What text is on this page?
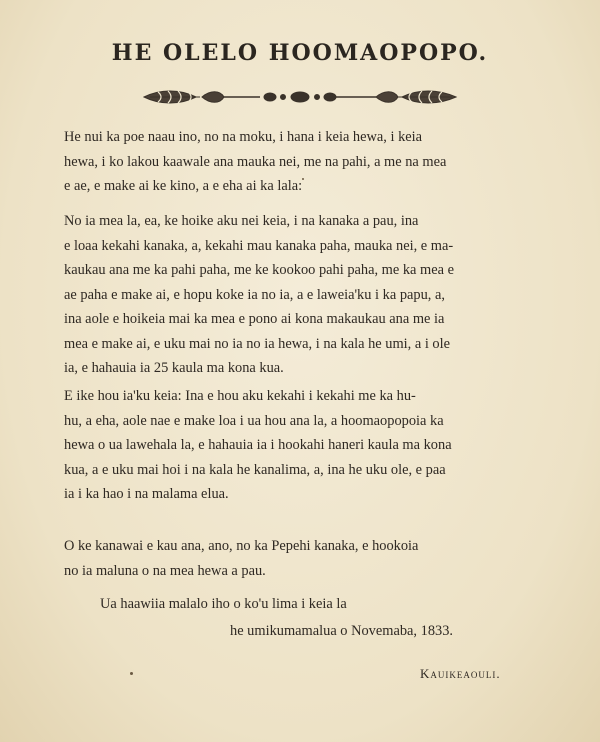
HE OLELO HOOMAOPOPO.
He nui ka poe naau ino, no na moku, i hana i keia hewa, i keia
hewa, i ko lakou kaawale ana mauka nei, me na pahi, a me na mea
e ae, e make ai ke kino, a e eha ai ka lala:
No ia mea la, ea, ke hoike aku nei keia, i na kanaka a pau, ina
e loaa kekahi kanaka, a, kekahi mau kanaka paha, mauka nei, e ma-
kaukau ana me ka pahi paha, me ke kookoo pahi paha, me ka mea e
ae paha e make ai, e hopu koke ia no ia, a e laweia'ku i ka papu, a,
ina aole e hoikeia mai ka mea e pono ai kona makaukau ana me ia
mea e make ai, e uku mai no ia no ia hewa, i na kala he umi, a i ole
ia, e hahauia ia 25 kaula ma kona kua.
E ike hou ia'ku keia: Ina e hou aku kekahi i kekahi me ka hu-
hu, a eha, aole nae e make loa i ua hou ana la, a hoomaopopoia ka
hewa o ua lawehala la, e hahauia ia i hookahi haneri kaula ma kona
kua, a e uku mai hoi i na kala he kanalima, a, ina he uku ole, e paa
ia i ka hao i na malama elua.
O ke kanawai e kau ana, ano, no ka Pepehi kanaka, e hookoia
no ia maluna o na mea hewa a pau.
Ua haawiia malalo iho o ko'u lima i keia la
he umikumamalua o Novemaba, 1833.
Kauikeaouli.
